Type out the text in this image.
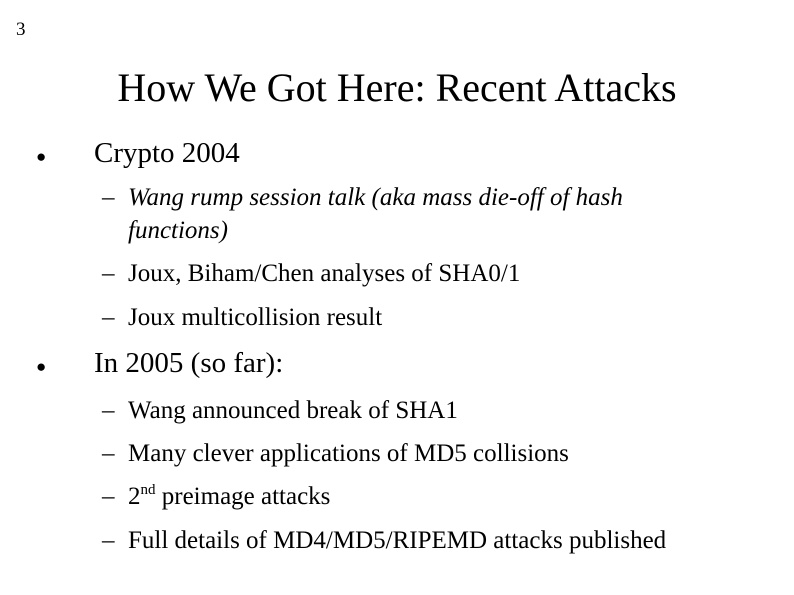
3
How We Got Here: Recent Attacks
● Crypto 2004
– Wang rump session talk (aka mass die-off of hash functions)
– Joux, Biham/Chen analyses of SHA0/1
– Joux multicollision result
● In 2005 (so far):
– Wang announced break of SHA1
– Many clever applications of MD5 collisions
– 2nd preimage attacks
– Full details of MD4/MD5/RIPEMD attacks published
